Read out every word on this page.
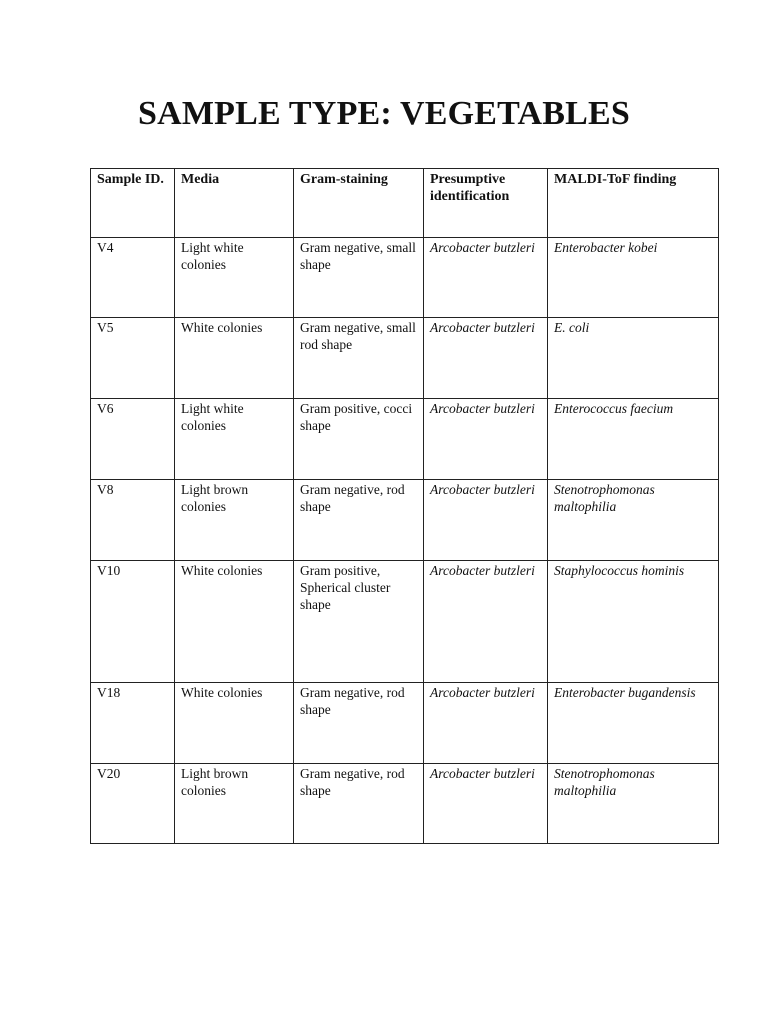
SAMPLE TYPE: VEGETABLES
Sample ID.	Media	Gram-staining	Presumptive identification	MALDI-ToF finding
V4	Light white colonies	Gram negative, small shape	Arcobacter butzleri	Enterobacter kobei
V5	White colonies	Gram negative, small rod shape	Arcobacter butzleri	E. coli
V6	Light white colonies	Gram positive, cocci shape	Arcobacter butzleri	Enterococcus faecium
V8	Light brown colonies	Gram negative, rod shape	Arcobacter butzleri	Stenotrophomonas maltophilia
V10	White colonies	Gram positive, Spherical cluster shape	Arcobacter butzleri	Staphylococcus hominis
V18	White colonies	Gram negative, rod shape	Arcobacter butzleri	Enterobacter bugandensis
V20	Light brown colonies	Gram negative, rod shape	Arcobacter butzleri	Stenotrophomonas maltophilia
